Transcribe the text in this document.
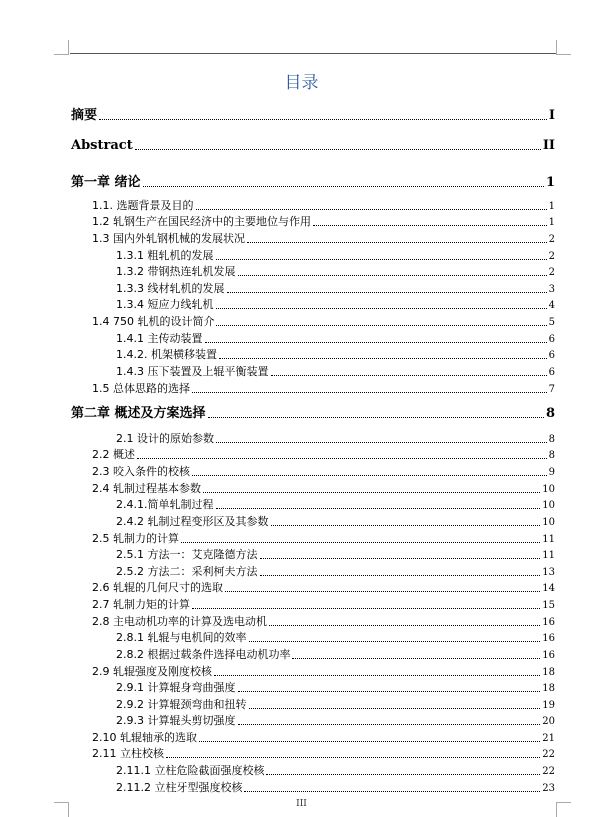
目录
摘要	I
Abstract	II
第一章 绪论	1
1.1. 选题背景及目的	1
1.2 轧钢生产在国民经济中的主要地位与作用	1
1.3 国内外轧钢机械的发展状况	2
1.3.1 粗轧机的发展	2
1.3.2 带钢热连轧机发展	2
1.3.3 线材轧机的发展	3
1.3.4 短应力线轧机	4
1.4 750 轧机的设计简介	5
1.4.1 主传动装置	6
1.4.2. 机架横移装置	6
1.4.3 压下装置及上辊平衡装置	6
1.5 总体思路的选择	7
第二章 概述及方案选择	8
2.1 设计的原始参数	8
2.2 概述	8
2.3 咬入条件的校核	9
2.4 轧制过程基本参数	10
2.4.1.简单轧制过程	10
2.4.2 轧制过程变形区及其参数	10
2.5 轧制力的计算	11
2.5.1 方法一：艾克隆德方法	11
2.5.2 方法二：采利柯夫方法	13
2.6 轧辊的几何尺寸的选取	14
2.7 轧制力矩的计算	15
2.8 主电动机功率的计算及选电动机	16
2.8.1 轧辊与电机间的效率	16
2.8.2 根据过载条件选择电动机功率	16
2.9 轧辊强度及刚度校核	18
2.9.1 计算辊身弯曲强度	18
2.9.2 计算辊颈弯曲和扭转	19
2.9.3 计算辊头剪切强度	20
2.10 轧辊轴承的选取	21
2.11 立柱校核	22
2.11.1 立柱危险截面强度校核	22
2.11.2 立柱牙型强度校核	23
III
